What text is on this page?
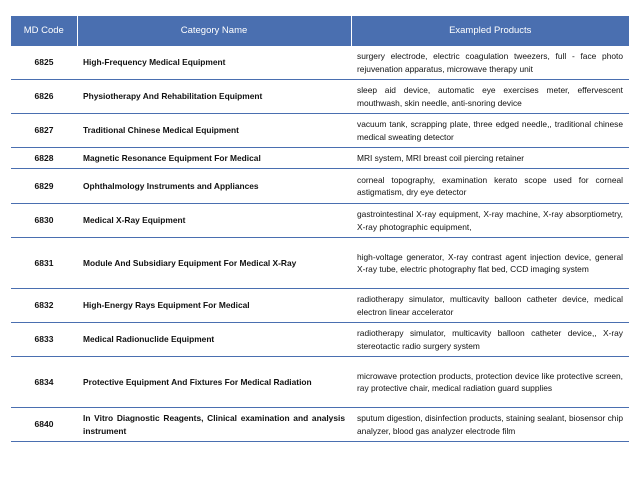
MD Code	Category Name	Exampled Products
6825	High-Frequency Medical Equipment	surgery electrode, electric coagulation tweezers, full - face photo rejuvenation apparatus, microwave therapy unit
6826	Physiotherapy And Rehabilitation Equipment	sleep aid device, automatic eye exercises meter, effervescent mouthwash, skin needle, anti-snoring device
6827	Traditional Chinese Medical Equipment	vacuum tank, scrapping plate, three edged needle,, traditional chinese medical sweating detector
6828	Magnetic Resonance Equipment For Medical	MRI system, MRI breast coil piercing retainer
6829	Ophthalmology Instruments and Appliances	corneal topography, examination kerato scope used for corneal astigmatism, dry eye detector
6830	Medical X-Ray Equipment	gastrointestinal X-ray equipment, X-ray machine, X-ray absorptiometry, X-ray photographic equipment,
6831	Module And Subsidiary Equipment For Medical X-Ray	high-voltage generator, X-ray contrast agent injection device, general X-ray tube, electric photography flat bed, CCD imaging system
6832	High-Energy Rays Equipment For Medical	radiotherapy simulator, multicavity balloon catheter device, medical electron linear accelerator
6833	Medical Radionuclide Equipment	radiotherapy simulator, multicavity balloon catheter device,, X-ray stereotactic radio surgery system
6834	Protective Equipment And Fixtures For Medical Radiation	microwave protection products, protection device like protective screen, ray protective chair, medical radiation guard supplies
6840	In Vitro Diagnostic Reagents, Clinical examination and analysis instrument	sputum digestion, disinfection products, staining sealant, biosensor chip analyzer, blood gas analyzer electrode film
